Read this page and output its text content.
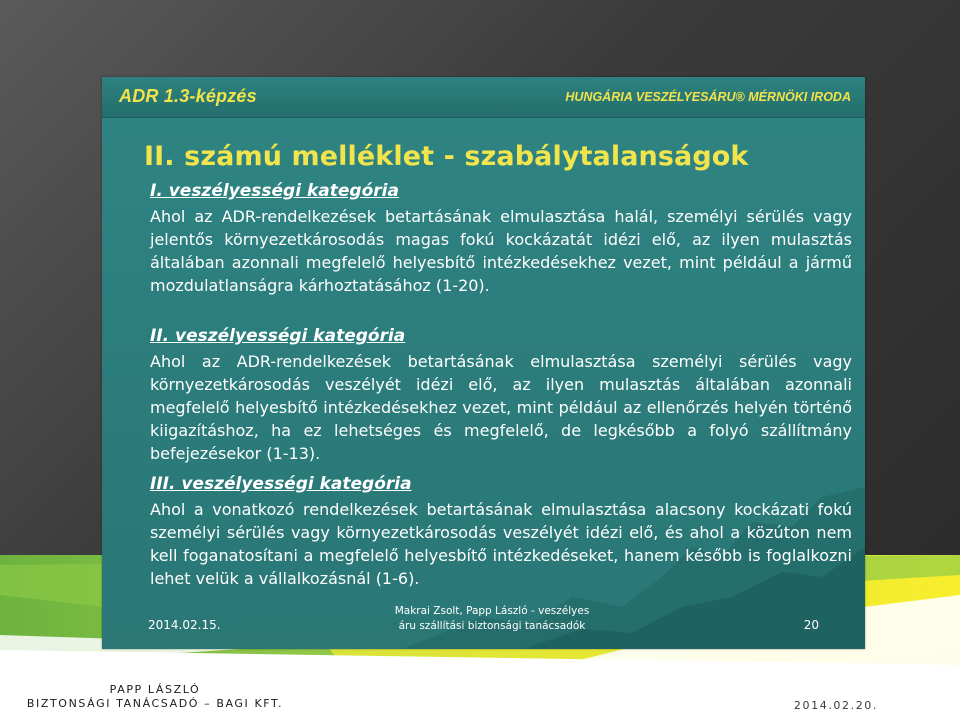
ADR 1.3-képzés	HUNGÁRIA VESZÉLYESÁRU® MÉRNÖKI IRODA
II. számú melléklet - szabálytalanságok

I. veszélyességi kategória

Ahol az ADR-rendelkezések betartásának elmulasztása halál, személyi sérülés vagy jelentős környezetkárosodás magas fokú kockázatát idézi elő, az ilyen mulasztás általában azonnali megfelelő helyesbítő intézkedésekhez vezet, mint például a jármű mozdulatlanságra kárhoztatásához (1-20).

II. veszélyességi kategória

Ahol az ADR-rendelkezések betartásának elmulasztása személyi sérülés vagy környezetkárosodás veszélyét idézi elő, az ilyen mulasztás általában azonnali megfelelő helyesbítő intézkedésekhez vezet, mint például az ellenőrzés helyén történő kiigazításhoz, ha ez lehetséges és megfelelő, de legkésőbb a folyó szállítmány befejezésekor (1-13).

III. veszélyességi kategória

Ahol a vonatkozó rendelkezések betartásának elmulasztása alacsony kockázati fokú személyi sérülés vagy környezetkárosodás veszélyét idézi elő, és ahol a közúton nem kell foganatosítani a megfelelő helyesbítő intézkedéseket, hanem később is foglalkozni lehet velük a vállalkozásnál (1-6).

2014.02.15.
Makrai Zsolt, Papp László - veszélyes
áru szállítási biztonsági tanácsadók	20
PAPP LÁSZLÓ
BIZTONSÁGI TANÁCSADÓ – BAGI KFT.	2014.02.20.
